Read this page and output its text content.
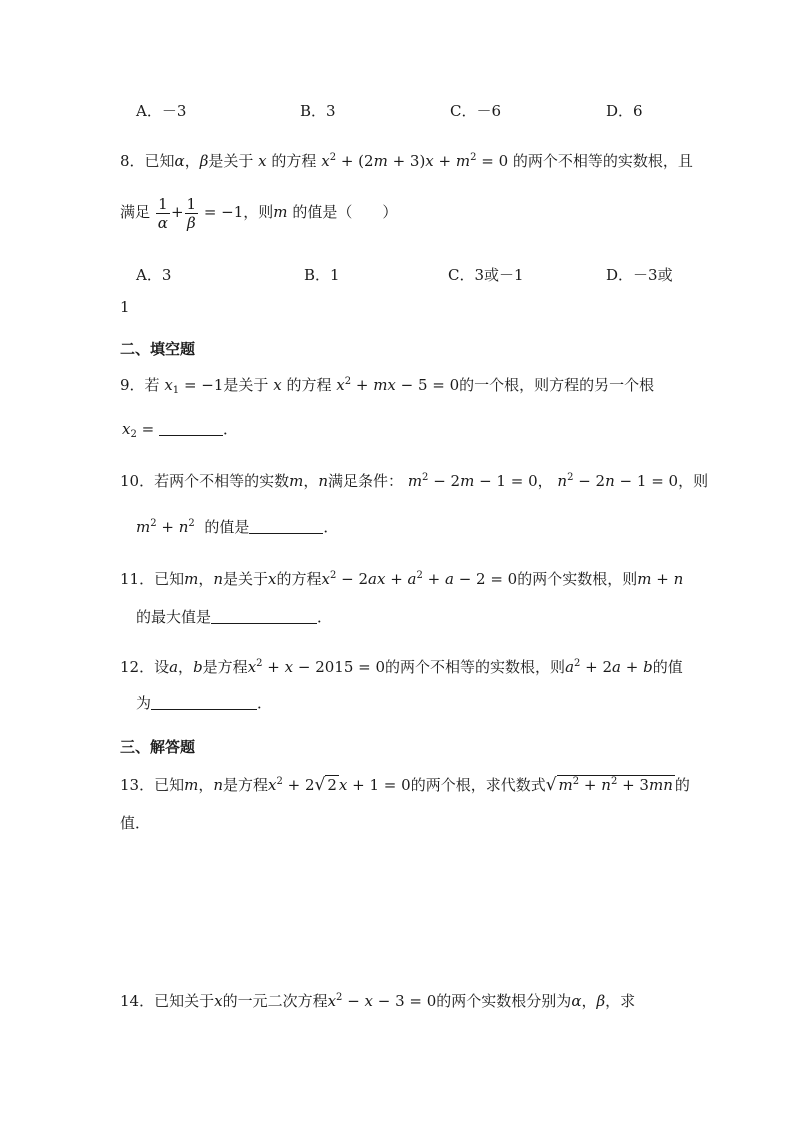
A．－3	B．3	C．－6	D．6
8．已知α，β是关于 x 的方程 $x^2 + (2m + 3)x + m^2 = 0$ 的两个不相等的实数根，且
满足 $\frac{1}{\alpha} + \frac{1}{\beta} = -1$，则m 的值是（　　）
A．3	B．1	C．3或－1	D．－3或
1
二、填空题
9．若 $x_1 = -1$是关于 x 的方程 $x^2$ + mx − 5 = 0的一个根，则方程的另一个根
$x_2$ =	．
10．若两个不相等的实数m，n满足条件： $m^2 - 2m - 1 = 0$， $n^2 - 2n - 1 = 0$，则
$m^2 + n^2$ 的值是	．
11．已知m，n是关于x的方程$x^2 - 2ax + a^2 + a - 2 = 0$的两个实数根，则m + n
的最大值是	．
12．设a，b是方程$x^2 + x - 2015 = 0$的两个不相等的实数根，则$a^2 + 2a + b$的值
为	．
三、解答题
13．已知m，n是方程$x^2 + 2√$ 2 x + 1 = 0的两个根，求代数式√ $m^2 + n^2 + 3mn$ 的
值．
14．已知关于x的一元二次方程$x^2 - x - 3 = 0$的两个实数根分别为α，β，求
